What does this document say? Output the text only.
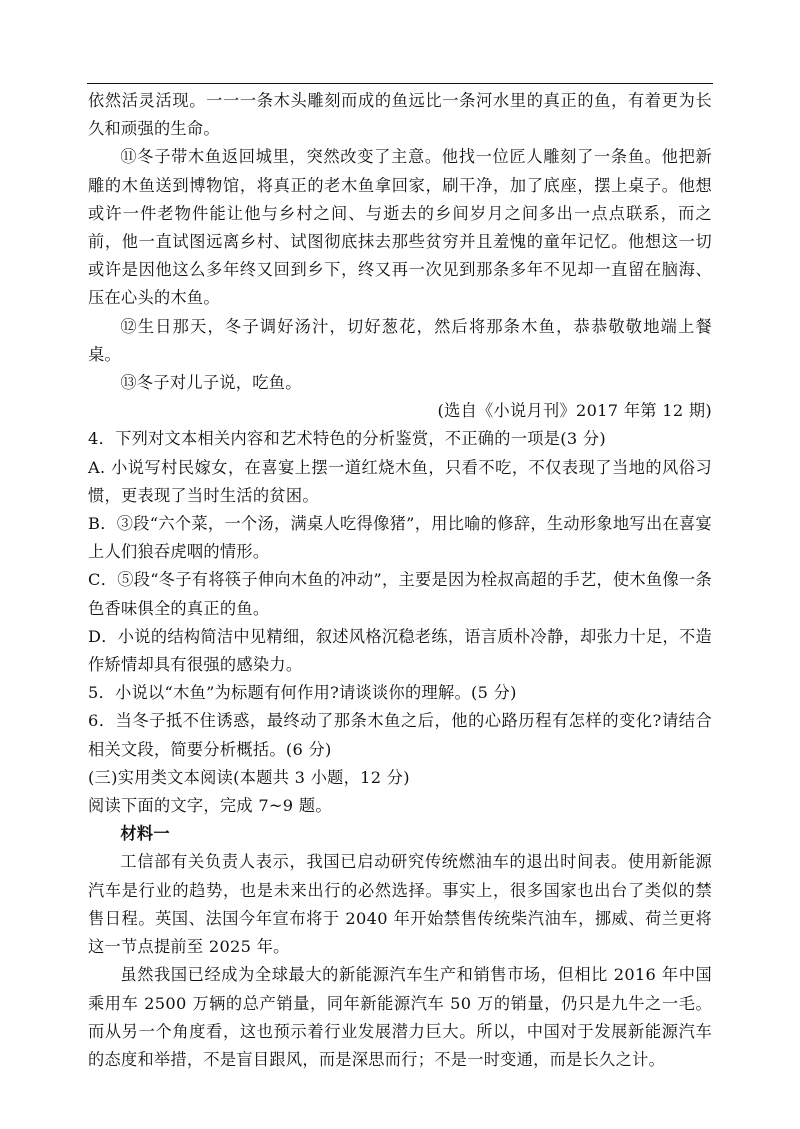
依然活灵活现。一一一条木头雕刻而成的鱼远比一条河水里的真正的鱼，有着更为长久和顽强的生命。

⑪冬子带木鱼返回城里，突然改变了主意。他找一位匠人雕刻了一条鱼。他把新雕的木鱼送到博物馆，将真正的老木鱼拿回家，刷干净，加了底座，摆上桌子。他想或许一件老物件能让他与乡村之间、与逝去的乡间岁月之间多出一点点联系，而之前，他一直试图远离乡村、试图彻底抹去那些贫穷并且羞愧的童年记忆。他想这一切或许是因他这么多年终又回到乡下，终又再一次见到那条多年不见却一直留在脑海、压在心头的木鱼。

⑫生日那天，冬子调好汤汁，切好葱花，然后将那条木鱼，恭恭敬敬地端上餐桌。

⑬冬子对儿子说，吃鱼。

(选自《小说月刊》2017 年第 12 期)

4．下列对文本相关内容和艺术特色的分析鉴赏，不正确的一项是(3 分)

A. 小说写村民嫁女，在喜宴上摆一道红烧木鱼，只看不吃，不仅表现了当地的风俗习惯，更表现了当时生活的贫困。

B．③段“六个菜，一个汤，满桌人吃得像猪”，用比喻的修辞，生动形象地写出在喜宴上人们狼吞虎咽的情形。

C．⑤段“冬子有将筷子伸向木鱼的冲动”，主要是因为栓叔高超的手艺，使木鱼像一条色香味俱全的真正的鱼。

D．小说的结构简洁中见精细，叙述风格沉稳老练，语言质朴冷静，却张力十足，不造作矫情却具有很强的感染力。

5．小说以“木鱼”为标题有何作用?请谈谈你的理解。(5 分)

6．当冬子抵不住诱惑，最终动了那条木鱼之后，他的心路历程有怎样的变化?请结合相关文段，简要分析概括。(6 分)

(三)实用类文本阅读(本题共 3 小题，12 分)

阅读下面的文字，完成 7~9 题。

材料一

工信部有关负责人表示，我国已启动研究传统燃油车的退出时间表。使用新能源汽车是行业的趋势，也是未来出行的必然选择。事实上，很多国家也出台了类似的禁售日程。英国、法国今年宣布将于 2040 年开始禁售传统柴汽油车，挪威、荷兰更将这一节点提前至 2025 年。

虽然我国已经成为全球最大的新能源汽车生产和销售市场，但相比 2016 年中国乘用车 2500 万辆的总产销量，同年新能源汽车 50 万的销量，仍只是九牛之一毛。而从另一个角度看，这也预示着行业发展潜力巨大。所以，中国对于发展新能源汽车的态度和举措，不是盲目跟风，而是深思而行；不是一时变通，而是长久之计。
